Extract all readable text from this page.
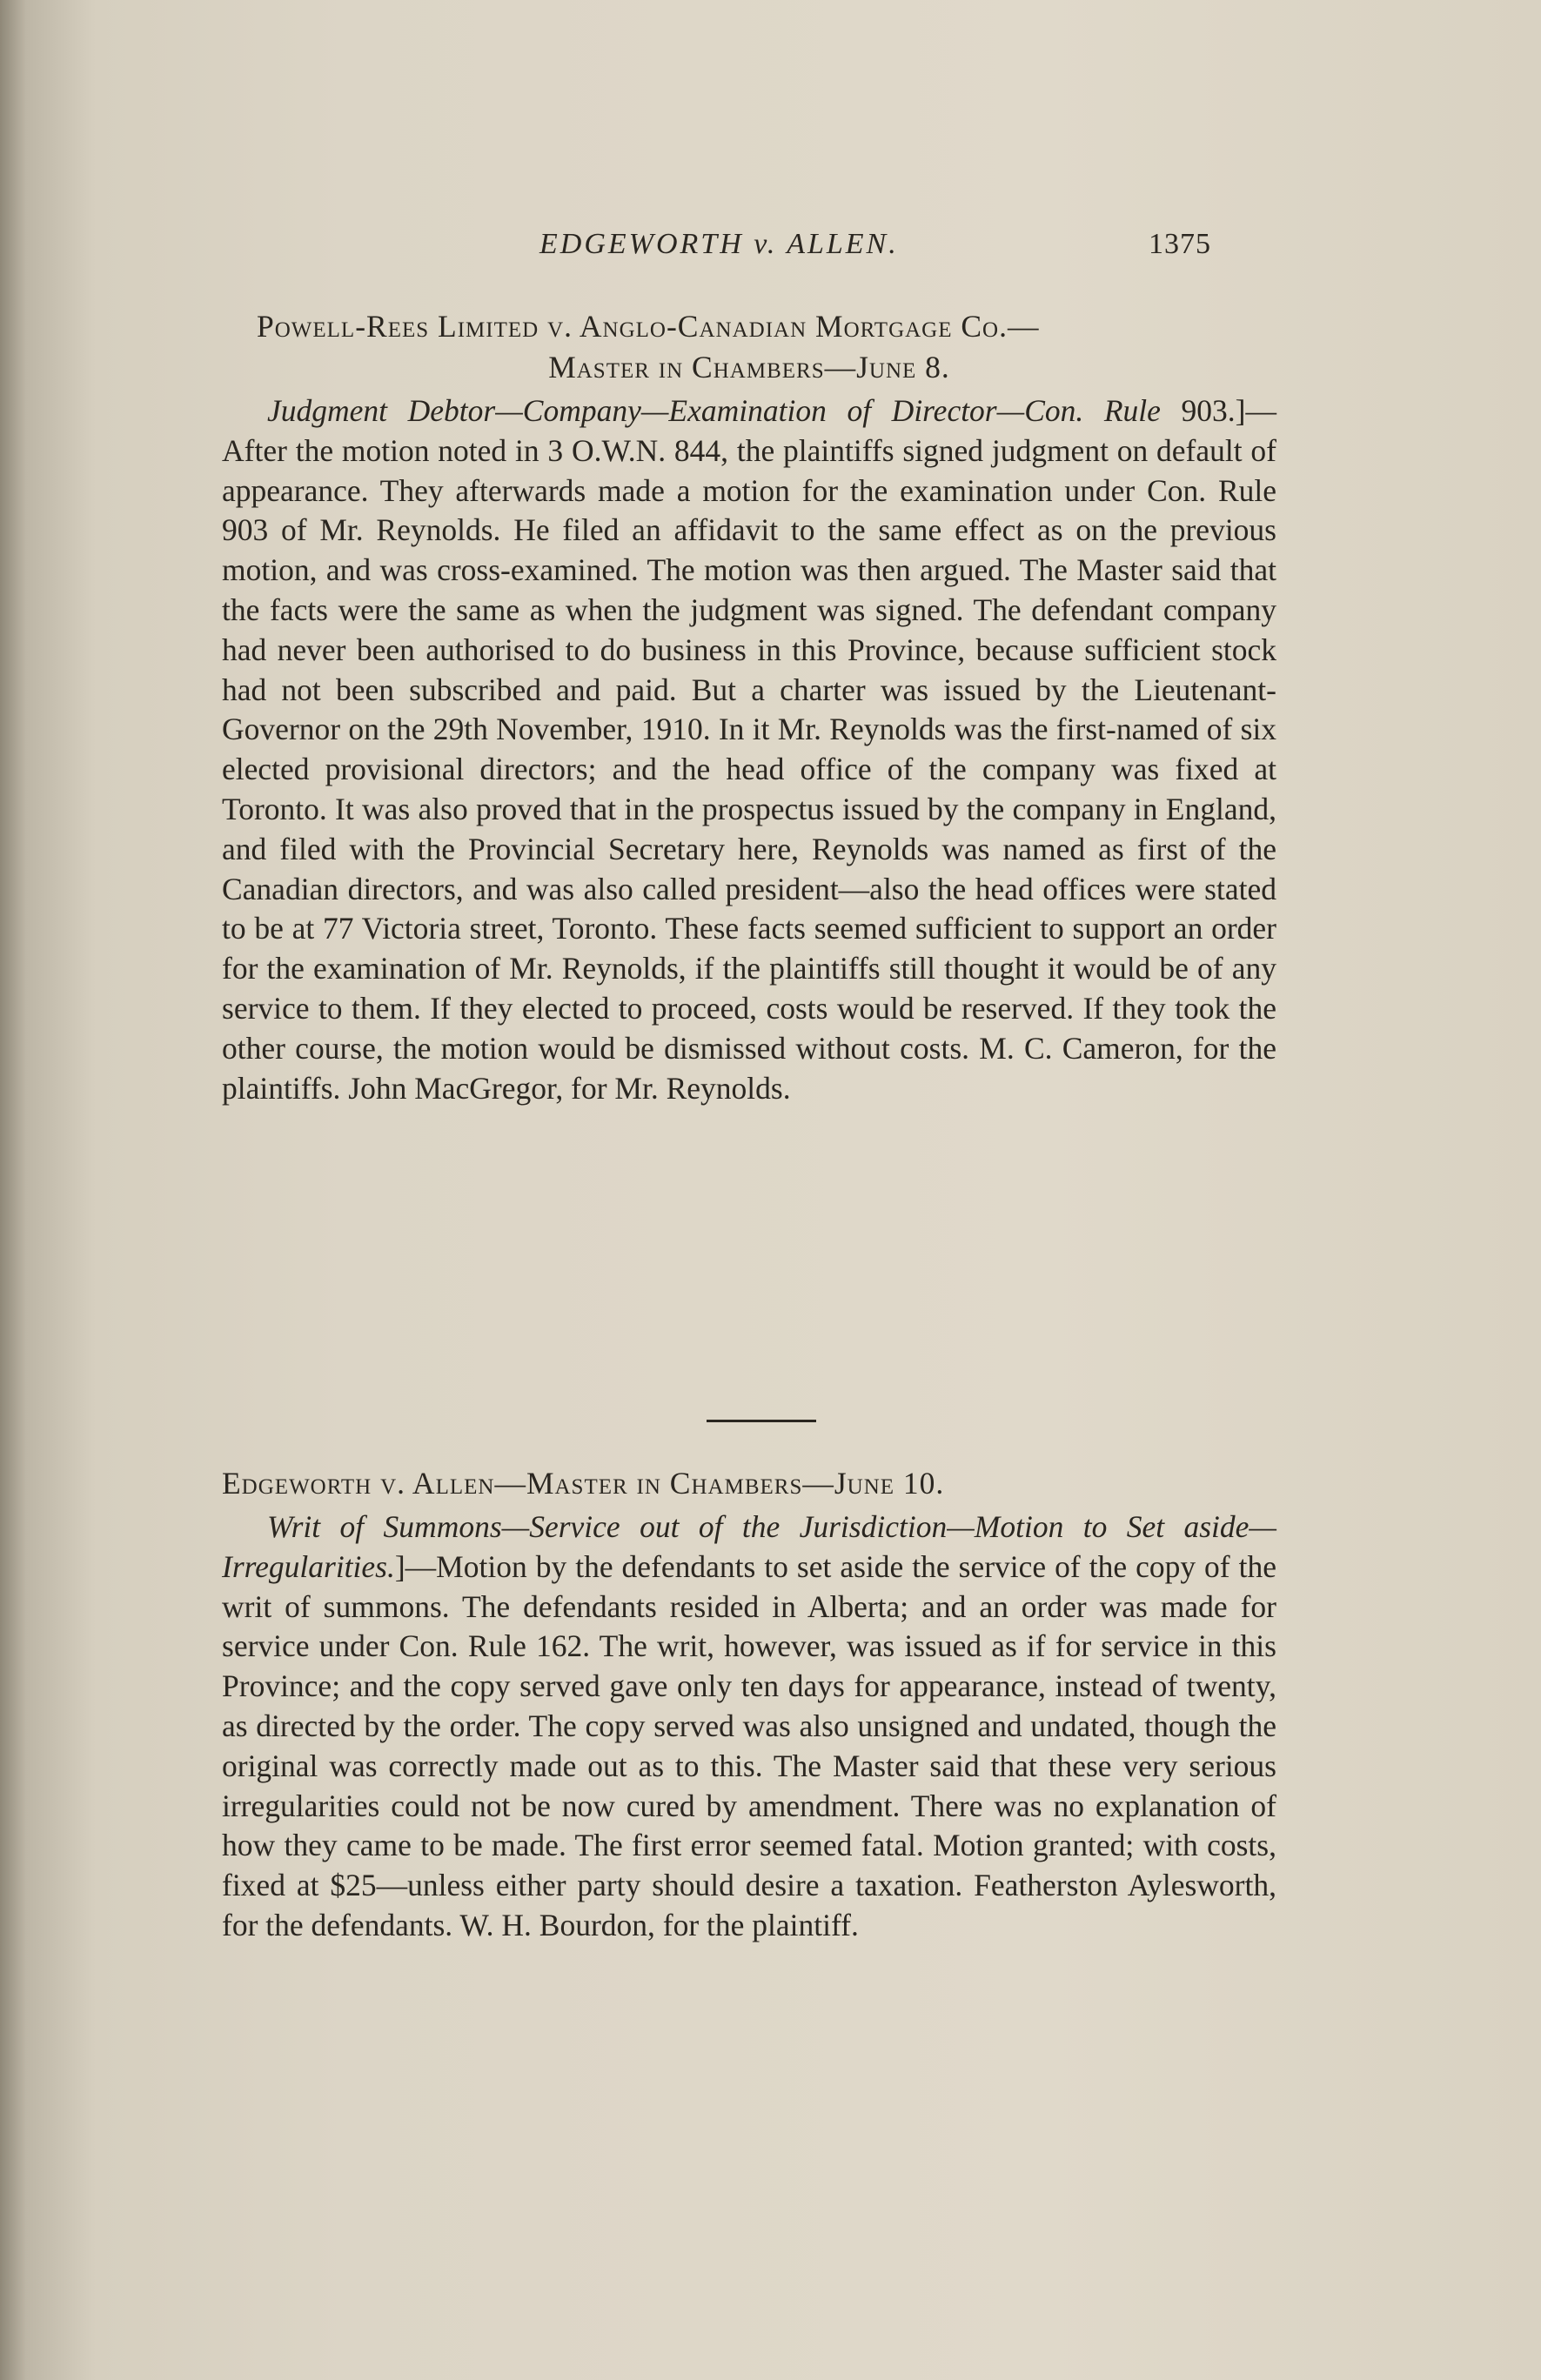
EDGEWORTH v. ALLEN.	1375
Powell-Rees Limited v. Anglo-Canadian Mortgage Co.—
Master in Chambers—June 8.

Judgment Debtor—Company—Examination of Director—Con. Rule 903.]—After the motion noted in 3 O.W.N. 844, the plaintiffs signed judgment on default of appearance. They afterwards made a motion for the examination under Con. Rule 903 of Mr. Reynolds. He filed an affidavit to the same effect as on the previous motion, and was cross-examined. The motion was then argued. The Master said that the facts were the same as when the judgment was signed. The defendant company had never been authorised to do business in this Province, because sufficient stock had not been subscribed and paid. But a charter was issued by the Lieutenant-Governor on the 29th November, 1910. In it Mr. Reynolds was the first-named of six elected provisional directors; and the head office of the company was fixed at Toronto. It was also proved that in the prospectus issued by the company in England, and filed with the Provincial Secretary here, Reynolds was named as first of the Canadian directors, and was also called president—also the head offices were stated to be at 77 Victoria street, Toronto. These facts seemed sufficient to support an order for the examination of Mr. Reynolds, if the plaintiffs still thought it would be of any service to them. If they elected to proceed, costs would be reserved. If they took the other course, the motion would be dismissed without costs. M. C. Cameron, for the plaintiffs. John MacGregor, for Mr. Reynolds.

Edgeworth v. Allen—Master in Chambers—June 10.

Writ of Summons—Service out of the Jurisdiction—Motion to Set aside—Irregularities.]—Motion by the defendants to set aside the service of the copy of the writ of summons. The defendants resided in Alberta; and an order was made for service under Con. Rule 162. The writ, however, was issued as if for service in this Province; and the copy served gave only ten days for appearance, instead of twenty, as directed by the order. The copy served was also unsigned and undated, though the original was correctly made out as to this. The Master said that these very serious irregularities could not be now cured by amendment. There was no explanation of how they came to be made. The first error seemed fatal. Motion granted; with costs, fixed at $25—unless either party should desire a taxation. Featherston Aylesworth, for the defendants. W. H. Bourdon, for the plaintiff.
